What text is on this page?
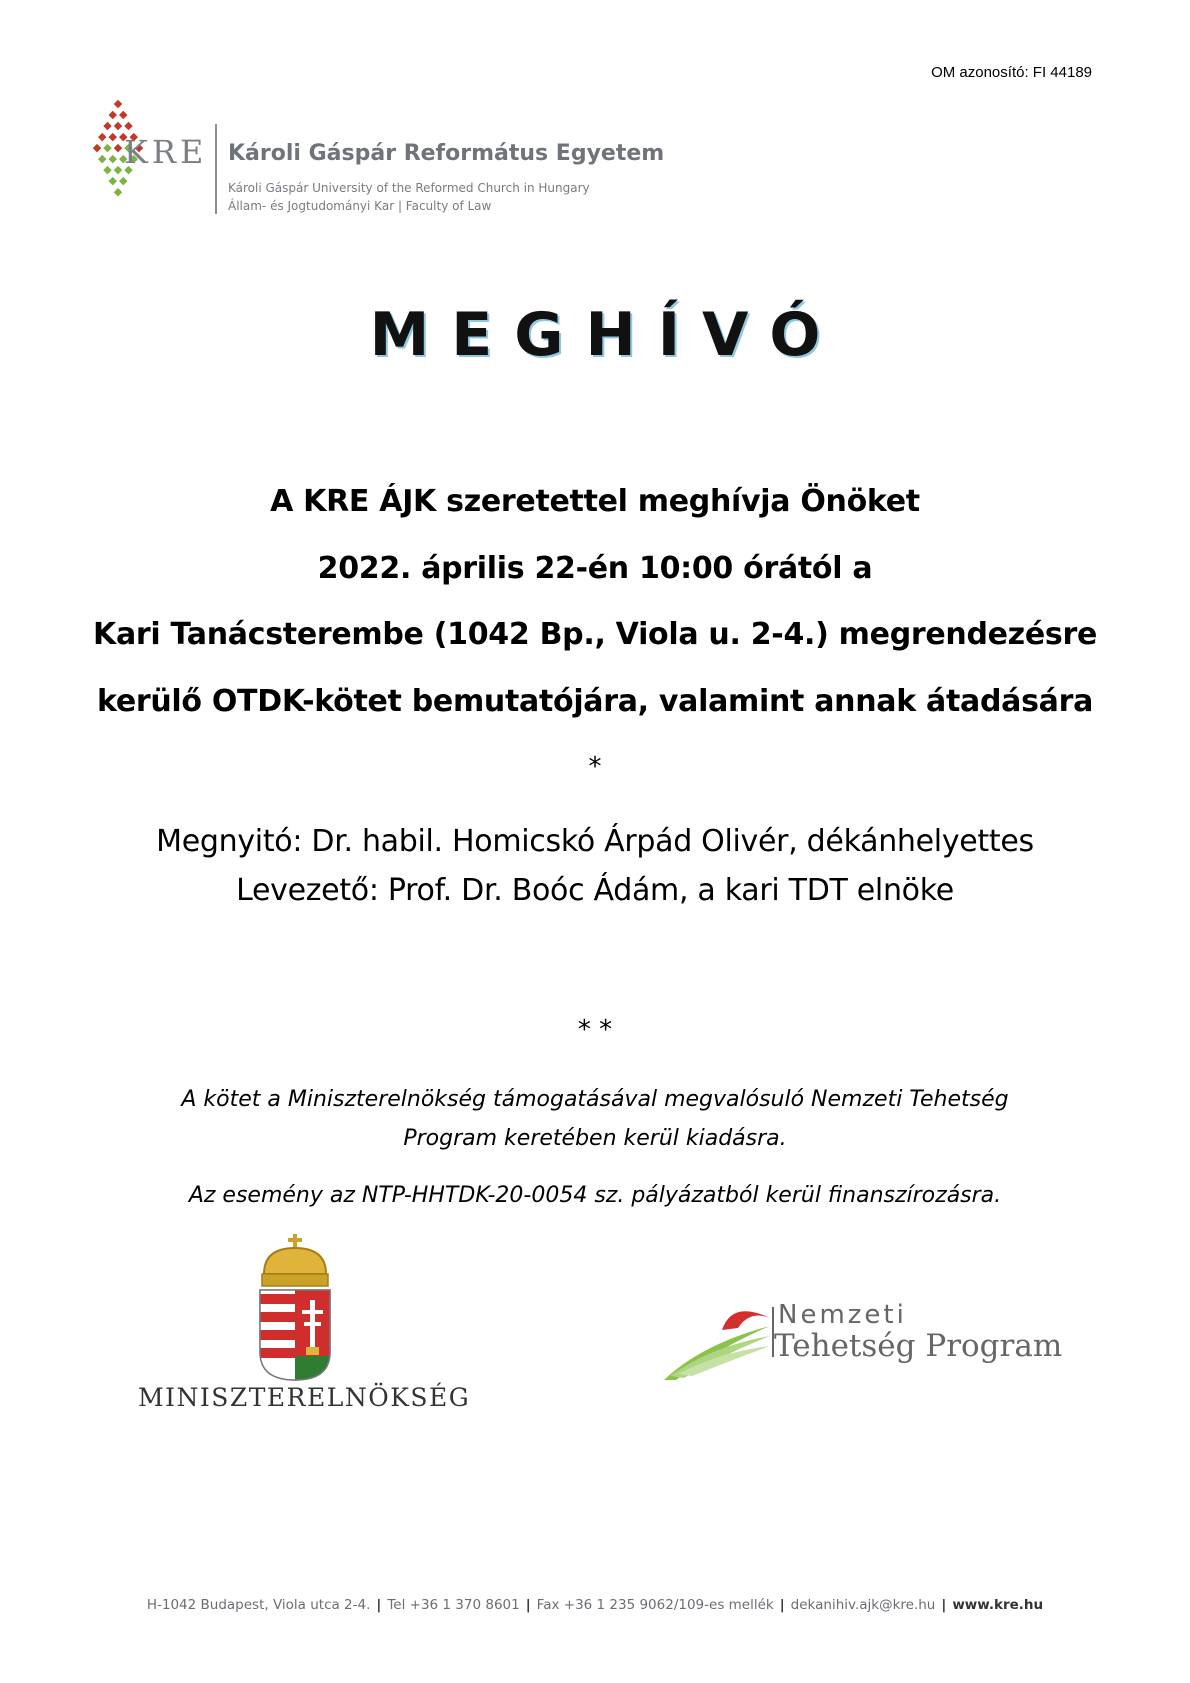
OM azonosító: FI 44189
KRE Károli Gáspár Református Egyetem
Károli Gáspár University of the Reformed Church in Hungary
Állam- és Jogtudományi Kar | Faculty of Law
MEGHÍVÓ
A KRE ÁJK szeretettel meghívja Önöket
2022. április 22-én 10:00 órától a
Kari Tanácsterembe (1042 Bp., Viola u. 2-4.) megrendezésre
kerülő OTDK-kötet bemutatójára, valamint annak átadására
*
Megnyitó: Dr. habil. Homicskó Árpád Olivér, dékánhelyettes
Levezető: Prof. Dr. Boóc Ádám, a kari TDT elnöke
* *
A kötet a Miniszterelnökség támogatásával megvalósuló Nemzeti Tehetség
Program keretében kerül kiadásra.
Az esemény az NTP-HHTDK-20-0054 sz. pályázatból kerül finanszírozásra.
MINISZTERELNÖKSÉG
Nemzeti
Tehetség Program
H-1042 Budapest, Viola utca 2-4. | Tel +36 1 370 8601 | Fax +36 1 235 9062/109-es mellék | dekanihiv.ajk@kre.hu | www.kre.hu
